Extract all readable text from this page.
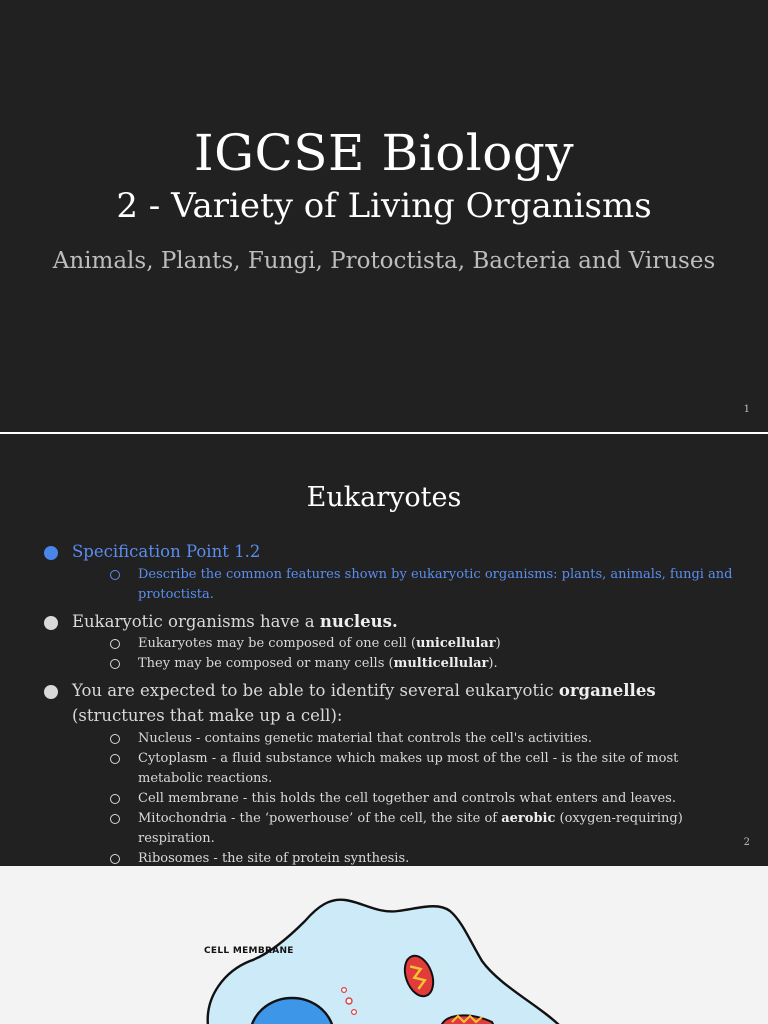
IGCSE Biology
2 - Variety of Living Organisms
Animals, Plants, Fungi, Protoctista, Bacteria and Viruses
1
Eukaryotes
Specification Point 1.2
Describe the common features shown by eukaryotic organisms: plants, animals, fungi and protoctista.
Eukaryotic organisms have a nucleus.
Eukaryotes may be composed of one cell (unicellular)
They may be composed or many cells (multicellular).
You are expected to be able to identify several eukaryotic organelles (structures that make up a cell):
Nucleus - contains genetic material that controls the cell's activities.
Cytoplasm - a fluid substance which makes up most of the cell - is the site of most metabolic reactions.
Cell membrane - this holds the cell together and controls what enters and leaves.
Mitochondria - the ‘powerhouse’ of the cell, the site of aerobic (oxygen-requiring) respiration.
Ribosomes - the site of protein synthesis.
2
CELL MEMBRANE
